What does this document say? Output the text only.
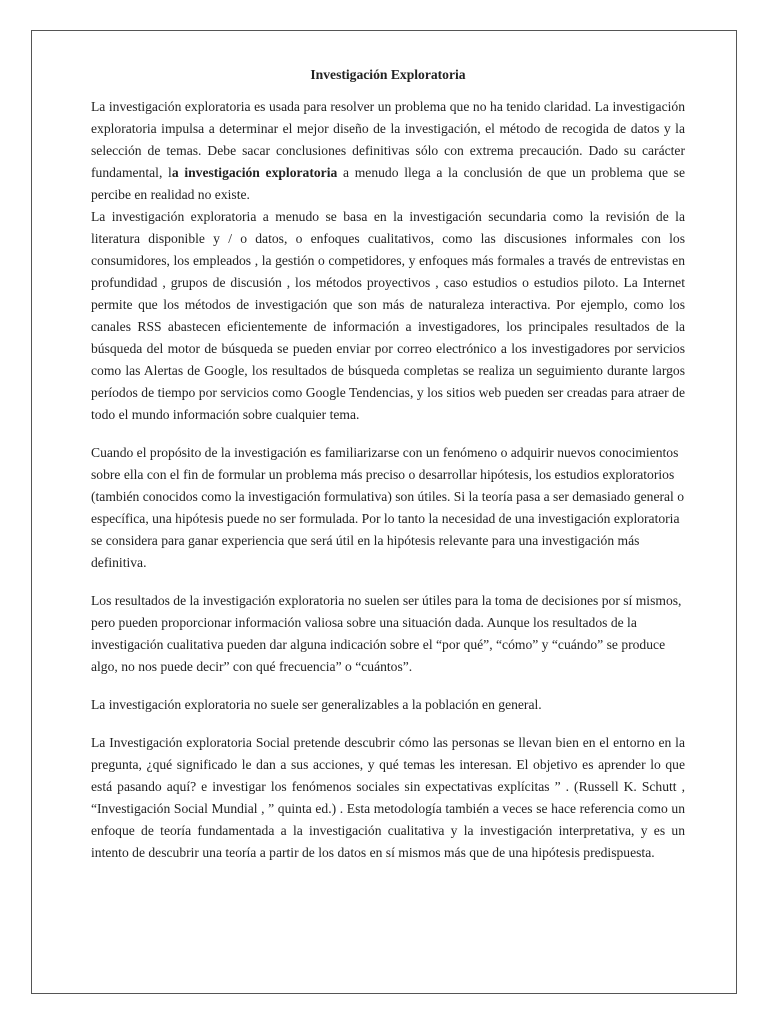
Investigación Exploratoria

La investigación exploratoria es usada para resolver un problema que no ha tenido claridad. La investigación exploratoria impulsa a determinar el mejor diseño de la investigación, el método de recogida de datos y la selección de temas. Debe sacar conclusiones definitivas sólo con extrema precaución. Dado su carácter fundamental, la investigación exploratoria a menudo llega a la conclusión de que un problema que se percibe en realidad no existe.

La investigación exploratoria a menudo se basa en la investigación secundaria como la revisión de la literatura disponible y / o datos, o enfoques cualitativos, como las discusiones informales con los consumidores, los empleados , la gestión o competidores, y enfoques más formales a través de entrevistas en profundidad , grupos de discusión , los métodos proyectivos , caso estudios o estudios piloto. La Internet permite que los métodos de investigación que son más de naturaleza interactiva. Por ejemplo, como los canales RSS abastecen eficientemente de información a investigadores, los principales resultados de la búsqueda del motor de búsqueda se pueden enviar por correo electrónico a los investigadores por servicios como las Alertas de Google, los resultados de búsqueda completas se realiza un seguimiento durante largos períodos de tiempo por servicios como Google Tendencias, y los sitios web pueden ser creadas para atraer de todo el mundo información sobre cualquier tema.

Cuando el propósito de la investigación es familiarizarse con un fenómeno o adquirir nuevos conocimientos sobre ella con el fin de formular un problema más preciso o desarrollar hipótesis, los estudios exploratorios (también conocidos como la investigación formulativa) son útiles. Si la teoría pasa a ser demasiado general o específica, una hipótesis puede no ser formulada. Por lo tanto la necesidad de una investigación exploratoria se considera para ganar experiencia que será útil en la hipótesis relevante para una investigación más definitiva.

Los resultados de la investigación exploratoria no suelen ser útiles para la toma de decisiones por sí mismos, pero pueden proporcionar información valiosa sobre una situación dada. Aunque los resultados de la investigación cualitativa pueden dar alguna indicación sobre el “por qué”, “cómo” y “cuándo” se produce algo, no nos puede decir” con qué frecuencia” o “cuántos”.

La investigación exploratoria no suele ser generalizables a la población en general.

La Investigación exploratoria Social pretende descubrir cómo las personas se llevan bien en el entorno en la pregunta, ¿qué significado le dan a sus acciones, y qué temas les interesan. El objetivo es aprender lo que está pasando aquí? e investigar los fenómenos sociales sin expectativas explícitas ” . (Russell K. Schutt , “Investigación Social Mundial , ” quinta ed.) . Esta metodología también a veces se hace referencia como un enfoque de teoría fundamentada a la investigación cualitativa y la investigación interpretativa, y es un intento de descubrir una teoría a partir de los datos en sí mismos más que de una hipótesis predispuesta.
